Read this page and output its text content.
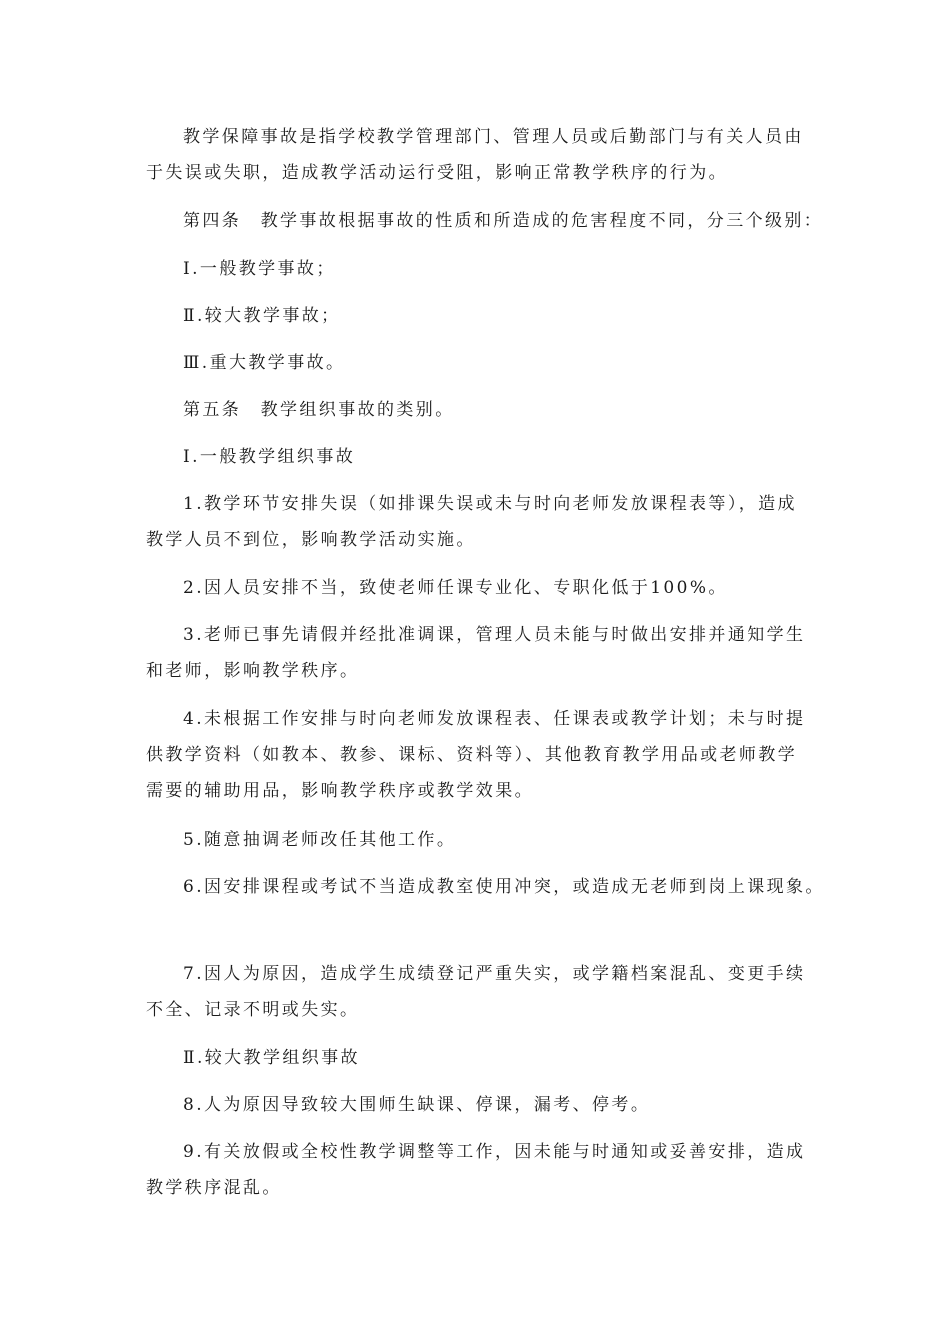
教学保障事故是指学校教学管理部门、管理人员或后勤部门与有关人员由于失误或失职，造成教学活动运行受阻，影响正常教学秩序的行为。

第四条　教学事故根据事故的性质和所造成的危害程度不同，分三个级别：

Ⅰ.一般教学事故；

Ⅱ.较大教学事故；

Ⅲ.重大教学事故。

第五条　教学组织事故的类别。

Ⅰ.一般教学组织事故

1.教学环节安排失误（如排课失误或未与时向老师发放课程表等），造成教学人员不到位，影响教学活动实施。

2.因人员安排不当，致使老师任课专业化、专职化低于100%。

3.老师已事先请假并经批准调课，管理人员未能与时做出安排并通知学生和老师，影响教学秩序。

4.未根据工作安排与时向老师发放课程表、任课表或教学计划；未与时提供教学资料（如教本、教参、课标、资料等）、其他教育教学用品或老师教学需要的辅助用品，影响教学秩序或教学效果。

5.随意抽调老师改任其他工作。

6.因安排课程或考试不当造成教室使用冲突，或造成无老师到岗上课现象。

7.因人为原因，造成学生成绩登记严重失实，或学籍档案混乱、变更手续不全、记录不明或失实。

Ⅱ.较大教学组织事故

8.人为原因导致较大围师生缺课、停课，漏考、停考。

9.有关放假或全校性教学调整等工作，因未能与时通知或妥善安排，造成教学秩序混乱。
